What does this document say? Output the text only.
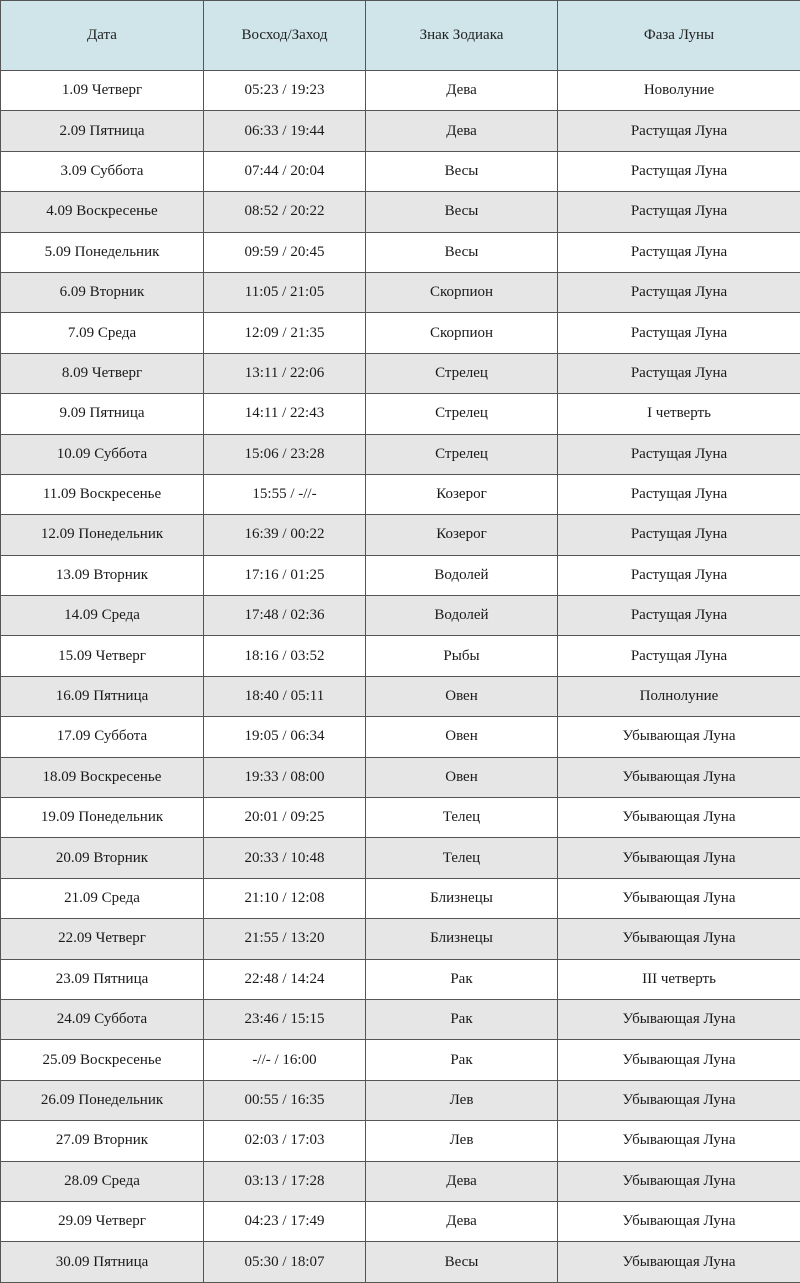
Дата	Восход/Заход	Знак Зодиака	Фаза Луны
1.09 Четверг	05:23 / 19:23	Дева	Новолуние
2.09 Пятница	06:33 / 19:44	Дева	Растущая Луна
3.09 Суббота	07:44 / 20:04	Весы	Растущая Луна
4.09 Воскресенье	08:52 / 20:22	Весы	Растущая Луна
5.09 Понедельник	09:59 / 20:45	Весы	Растущая Луна
6.09 Вторник	11:05 / 21:05	Скорпион	Растущая Луна
7.09 Среда	12:09 / 21:35	Скорпион	Растущая Луна
8.09 Четверг	13:11 / 22:06	Стрелец	Растущая Луна
9.09 Пятница	14:11 / 22:43	Стрелец	I четверть
10.09 Суббота	15:06 / 23:28	Стрелец	Растущая Луна
11.09 Воскресенье	15:55 / -//-	Козерог	Растущая Луна
12.09 Понедельник	16:39 / 00:22	Козерог	Растущая Луна
13.09 Вторник	17:16 / 01:25	Водолей	Растущая Луна
14.09 Среда	17:48 / 02:36	Водолей	Растущая Луна
15.09 Четверг	18:16 / 03:52	Рыбы	Растущая Луна
16.09 Пятница	18:40 / 05:11	Овен	Полнолуние
17.09 Суббота	19:05 / 06:34	Овен	Убывающая Луна
18.09 Воскресенье	19:33 / 08:00	Овен	Убывающая Луна
19.09 Понедельник	20:01 / 09:25	Телец	Убывающая Луна
20.09 Вторник	20:33 / 10:48	Телец	Убывающая Луна
21.09 Среда	21:10 / 12:08	Близнецы	Убывающая Луна
22.09 Четверг	21:55 / 13:20	Близнецы	Убывающая Луна
23.09 Пятница	22:48 / 14:24	Рак	III четверть
24.09 Суббота	23:46 / 15:15	Рак	Убывающая Луна
25.09 Воскресенье	-//- / 16:00	Рак	Убывающая Луна
26.09 Понедельник	00:55 / 16:35	Лев	Убывающая Луна
27.09 Вторник	02:03 / 17:03	Лев	Убывающая Луна
28.09 Среда	03:13 / 17:28	Дева	Убывающая Луна
29.09 Четверг	04:23 / 17:49	Дева	Убывающая Луна
30.09 Пятница	05:30 / 18:07	Весы	Убывающая Луна
